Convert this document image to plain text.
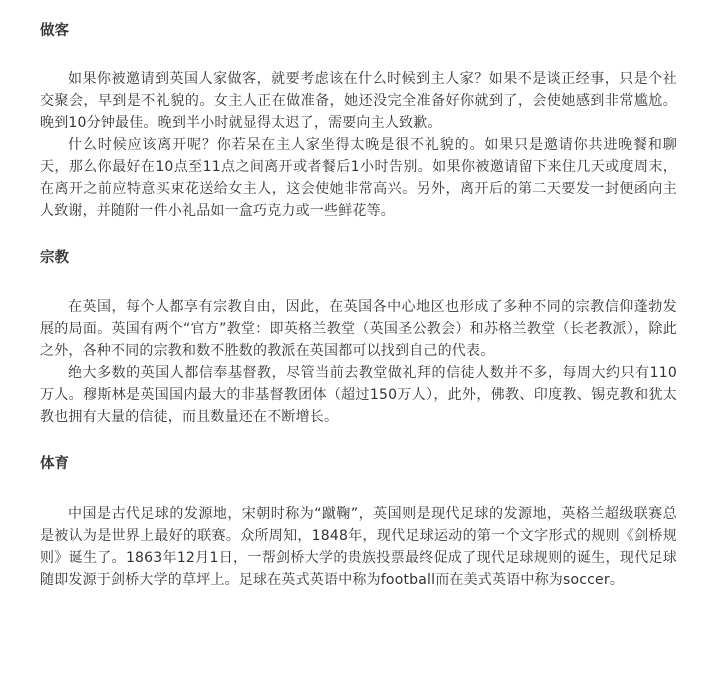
做客

如果你被邀请到英国人家做客，就要考虑该在什么时候到主人家？如果不是谈正经事，只是个社交聚会，早到是不礼貌的。女主人正在做准备，她还没完全准备好你就到了，会使她感到非常尴尬。晚到10分钟最佳。晚到半小时就显得太迟了，需要向主人致歉。

什么时候应该离开呢？你若呆在主人家坐得太晚是很不礼貌的。如果只是邀请你共进晚餐和聊天，那么你最好在10点至11点之间离开或者餐后1小时告别。如果你被邀请留下来住几天或度周末，在离开之前应特意买束花送给女主人，这会使她非常高兴。另外，离开后的第二天要发一封便函向主人致谢，并随附一件小礼品如一盒巧克力或一些鲜花等。

宗教

在英国，每个人都享有宗教自由，因此，在英国各中心地区也形成了多种不同的宗教信仰蓬勃发展的局面。英国有两个“官方”教堂：即英格兰教堂（英国圣公教会）和苏格兰教堂（长老教派），除此之外，各种不同的宗教和数不胜数的教派在英国都可以找到自己的代表。

绝大多数的英国人都信奉基督教，尽管当前去教堂做礼拜的信徒人数并不多，每周大约只有110万人。穆斯林是英国国内最大的非基督教团体（超过150万人），此外，佛教、印度教、锡克教和犹太教也拥有大量的信徒，而且数量还在不断增长。

体育

中国是古代足球的发源地，宋朝时称为“蹴鞠”，英国则是现代足球的发源地，英格兰超级联赛总是被认为是世界上最好的联赛。众所周知，1848年，现代足球运动的第一个文字形式的规则《剑桥规则》诞生了。1863年12月1日，一帮剑桥大学的贵族投票最终促成了现代足球规则的诞生，现代足球随即发源于剑桥大学的草坪上。足球在英式英语中称为football而在美式英语中称为soccer。
